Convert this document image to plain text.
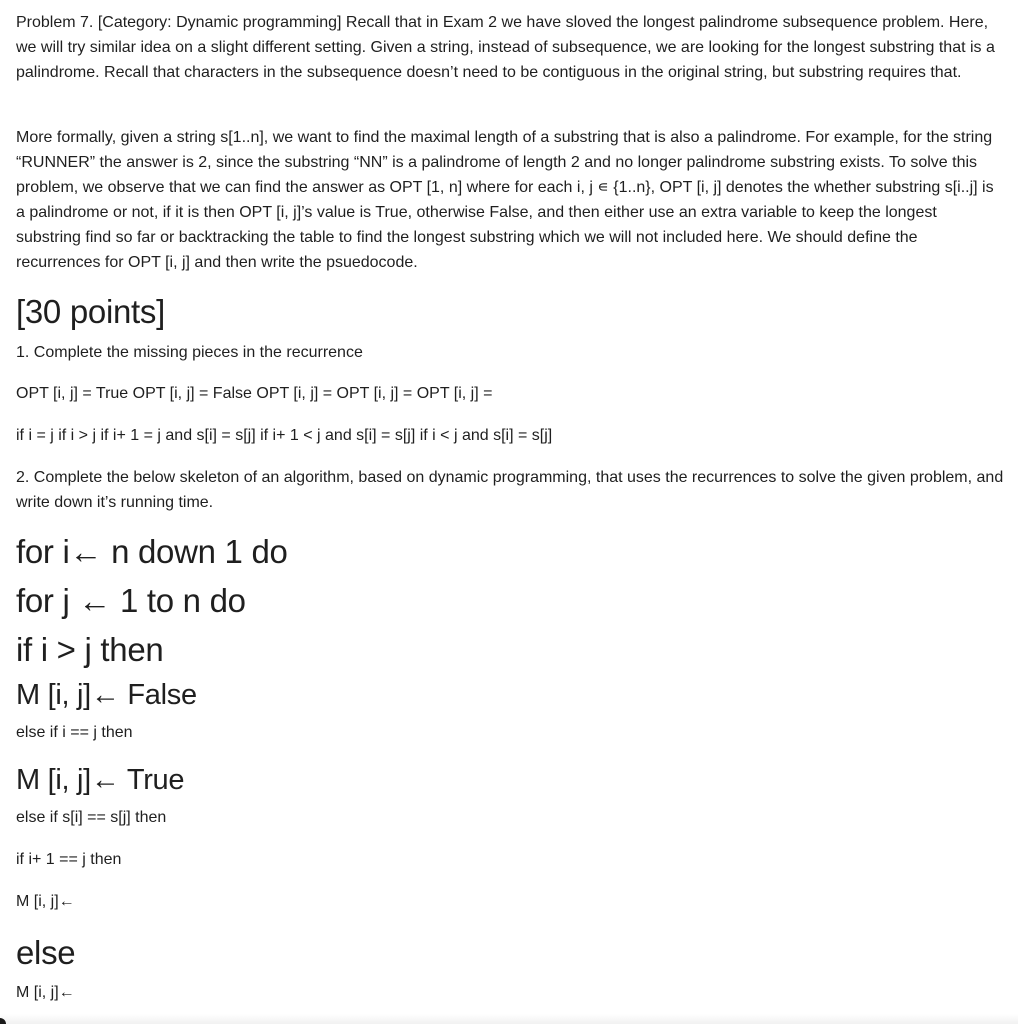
Problem 7. [Category: Dynamic programming] Recall that in Exam 2 we have sloved the longest palindrome subsequence problem. Here, we will try similar idea on a slight different setting. Given a string, instead of subsequence, we are looking for the longest substring that is a palindrome. Recall that characters in the subsequence doesn’t need to be contiguous in the original string, but substring requires that.

More formally, given a string s[1..n], we want to find the maximal length of a substring that is also a palindrome. For example, for the string “RUNNER” the answer is 2, since the substring “NN” is a palindrome of length 2 and no longer palindrome substring exists. To solve this problem, we observe that we can find the answer as OPT [1, n] where for each i, j ∊ {1..n}, OPT [i, j] denotes the whether substring s[i..j] is a palindrome or not, if it is then OPT [i, j]’s value is True, otherwise False, and then either use an extra variable to keep the longest substring find so far or backtracking the table to find the longest substring which we will not included here. We should define the recurrences for OPT [i, j] and then write the psuedocode.

[30 points]

1. Complete the missing pieces in the recurrence

OPT [i, j] = True OPT [i, j] = False OPT [i, j] = OPT [i, j] = OPT [i, j] =

if i = j if i > j if i+ 1 = j and s[i] = s[j] if i+ 1 < j and s[i] = s[j] if i < j and s[i] = s[j]

2. Complete the below skeleton of an algorithm, based on dynamic programming, that uses the recurrences to solve the given problem, and write down it’s running time.

for i← n down 1 do

for j ← 1 to n do

if i > j then

M [i, j]← False

else if i == j then

M [i, j]← True

else if s[i] == s[j] then

if i+ 1 == j then

M [i, j]←

else

M [i, j]←
